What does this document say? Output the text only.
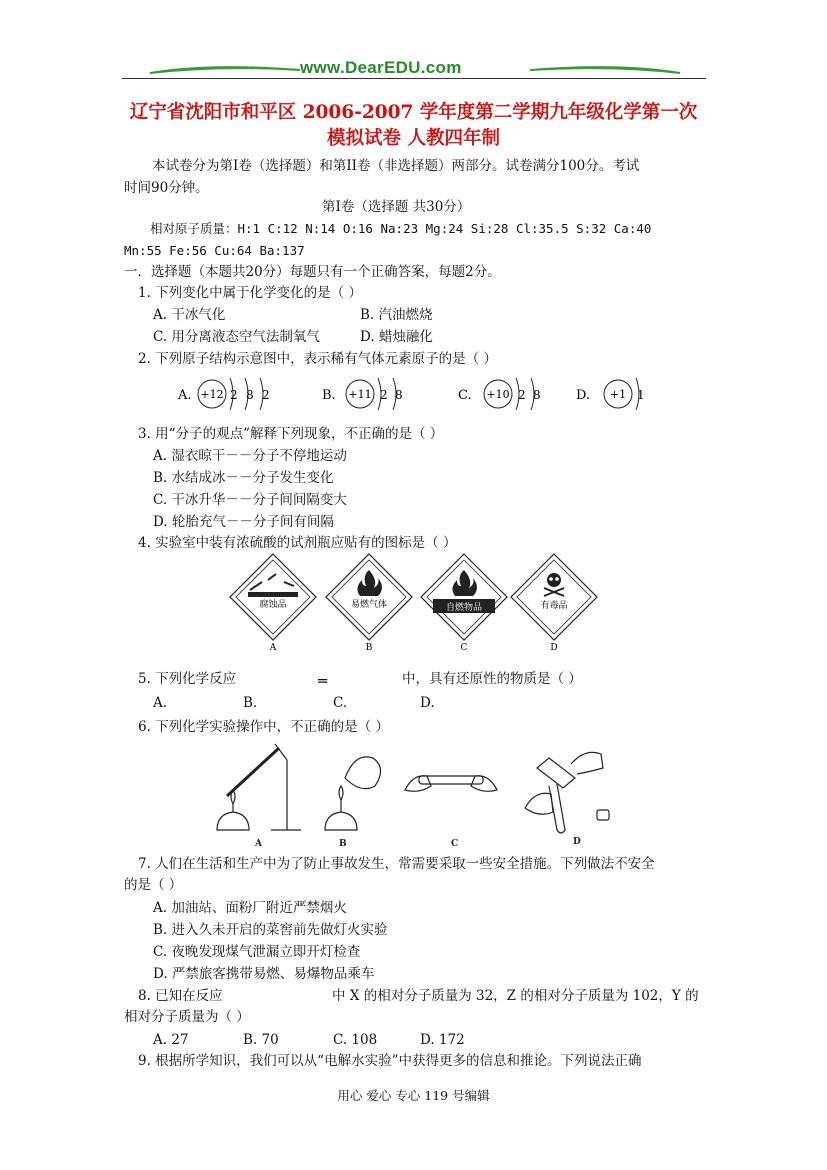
www.DearEDU.com
辽宁省沈阳市和平区 2006-2007 学年度第二学期九年级化学第一次
模拟试卷 人教四年制
本试卷分为第Ⅰ卷（选择题）和第II卷（非选择题）两部分。试卷满分100分。考试
时间90分钟。
第Ⅰ卷（选择题 共30分）
相对原子质量：H:1 C:12 N:14 O:16 Na:23 Mg:24 Si:28 Cl:35.5 S:32 Ca:40
Mn:55 Fe:56 Cu:64 Ba:137
一．选择题（本题共20分）每题只有一个正确答案，每题2分。
1. 下列变化中属于化学变化的是（ ）
A. 干冰气化	B. 汽油燃烧
C. 用分离液态空气法制氧气	D. 蜡烛融化
2. 下列原子结构示意图中，表示稀有气体元素原子的是（ ）
A. +12 2 8 2	B. +11 2 8	C. +10 2 8	D. +1 1
3. 用“分子的观点”解释下列现象，不正确的是（ ）
A. 湿衣晾干－－分子不停地运动
B. 水结成冰－－分子发生变化
C. 干冰升华－－分子间间隔变大
D. 轮胎充气－－分子间有间隔
4. 实验室中装有浓硫酸的试剂瓶应贴有的图标是（ ）
腐蚀品
A
易燃气体
B
自燃物品
C
有毒品
D
5. 下列化学反应	═	中，具有还原性的物质是（ ）
A.	B.	C.	D.
6. 下列化学实验操作中，不正确的是（ ）
A	B	C	D
7. 人们在生活和生产中为了防止事故发生，常需要采取一些安全措施。下列做法不安全
的是（ ）
A. 加油站、面粉厂附近严禁烟火
B. 进入久未开启的菜窖前先做灯火实验
C. 夜晚发现煤气泄漏立即开灯检查
D. 严禁旅客携带易燃、易爆物品乘车
8. 已知在反应	中 X 的相对分子质量为 32，Z 的相对分子质量为 102，Y 的
相对分子质量为（ ）
A. 27	B. 70	C. 108	D. 172
9. 根据所学知识，我们可以从“电解水实验”中获得更多的信息和推论。下列说法正确
用心 爱心 专心 119 号编辑
